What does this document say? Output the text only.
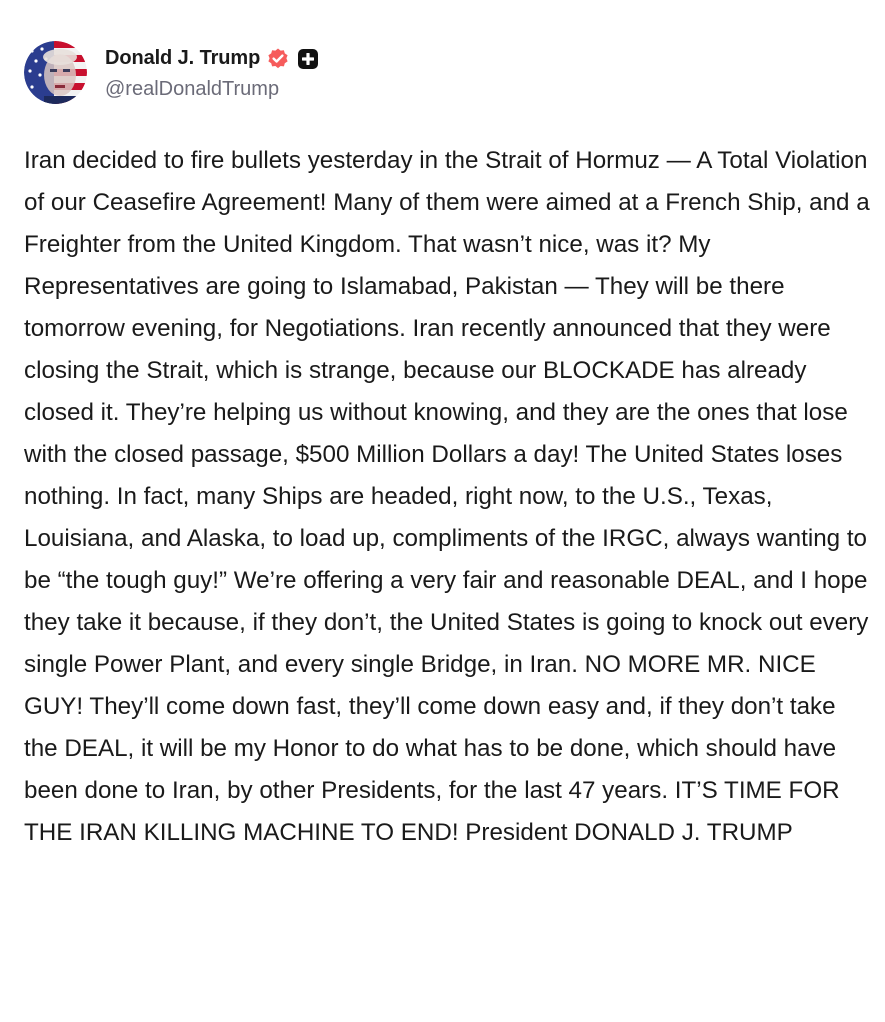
Donald J. Trump
@realDonaldTrump

Iran decided to fire bullets yesterday in the Strait of Hormuz — A Total Violation of our Ceasefire Agreement! Many of them were aimed at a French Ship, and a Freighter from the United Kingdom. That wasn’t nice, was it? My Representatives are going to Islamabad, Pakistan — They will be there tomorrow evening, for Negotiations. Iran recently announced that they were closing the Strait, which is strange, because our BLOCKADE has already closed it. They’re helping us without knowing, and they are the ones that lose with the closed passage, $500 Million Dollars a day! The United States loses nothing. In fact, many Ships are headed, right now, to the U.S., Texas, Louisiana, and Alaska, to load up, compliments of the IRGC, always wanting to be “the tough guy!” We’re offering a very fair and reasonable DEAL, and I hope they take it because, if they don’t, the United States is going to knock out every single Power Plant, and every single Bridge, in Iran. NO MORE MR. NICE GUY! They’ll come down fast, they’ll come down easy and, if they don’t take the DEAL, it will be my Honor to do what has to be done, which should have been done to Iran, by other Presidents, for the last 47 years. IT’S TIME FOR THE IRAN KILLING MACHINE TO END! President DONALD J. TRUMP
